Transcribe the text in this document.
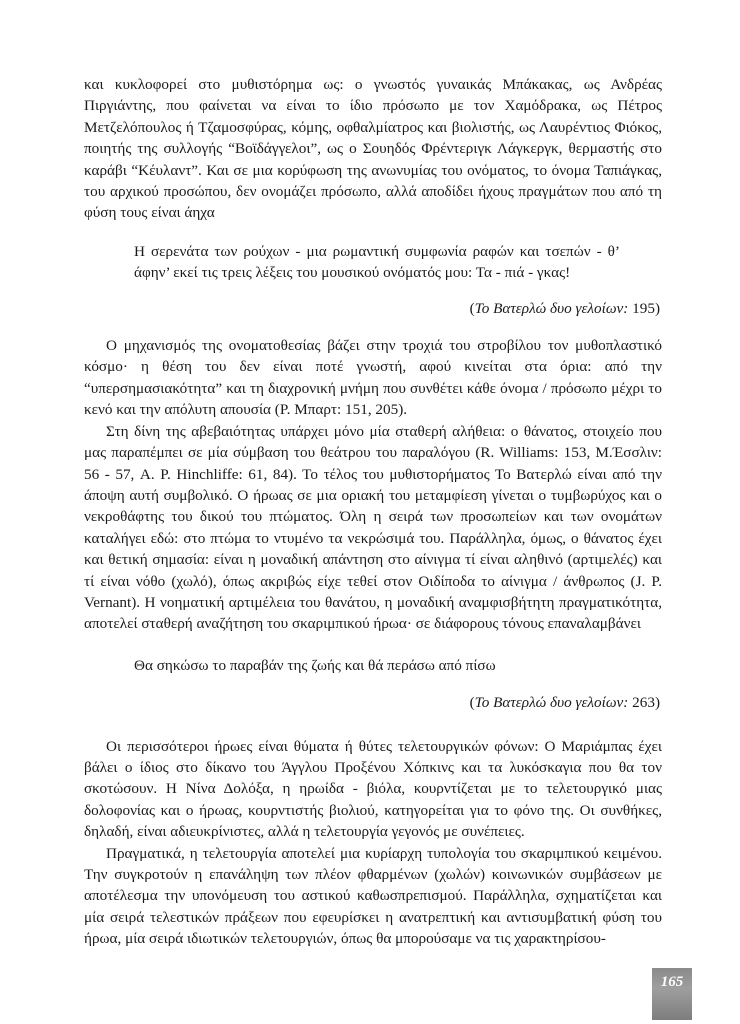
και κυκλοφορεί στο μυθιστόρημα ως: ο γνωστός γυναικάς Μπάκακας, ως Ανδρέας Πιργιάντης, που φαίνεται να είναι το ίδιο πρόσωπο με τον Χαμόδρακα, ως Πέτρος Μετζελόπουλος ή Τζαμοσφύρας, κόμης, οφθαλμίατρος και βιολιστής, ως Λαυρέντιος Φιόκος, ποιητής της συλλογής “Βοϊδάγγελοι”, ως ο Σουηδός Φρέντεριγκ Λάγκεργκ, θερμαστής στο καράβι “Κέυλαντ”. Και σε μια κορύφωση της ανωνυμίας του ονόματος, το όνομα Ταπιάγκας, του αρχικού προσώπου, δεν ονομάζει πρόσωπο, αλλά αποδίδει ήχους πραγμάτων που από τη φύση τους είναι άηχα

Η σερενάτα των ρούχων - μια ρωμαντική συμφωνία ραφών και τσεπών - θ’ άφην’ εκεί τις τρεις λέξεις του μουσικού ονόματός μου: Τα - πιά - γκας!

(Το Βατερλώ δυο γελοίων: 195)

Ο μηχανισμός της ονοματοθεσίας βάζει στην τροχιά του στροβίλου τον μυθοπλαστικό κόσμο· η θέση του δεν είναι ποτέ γνωστή, αφού κινείται στα όρια: από την “υπερσημασιακότητα” και τη διαχρονική μνήμη που συνθέτει κάθε όνομα / πρόσωπο μέχρι το κενό και την απόλυτη απουσία (Ρ. Μπαρτ: 151, 205).

Στη δίνη της αβεβαιότητας υπάρχει μόνο μία σταθερή αλήθεια: ο θάνατος, στοιχείο που μας παραπέμπει σε μία σύμβαση του θεάτρου του παραλόγου (R. Williams: 153, Μ.Έσσλιν: 56 - 57, A. P. Hinchliffe: 61, 84). Το τέλος του μυθιστορήματος Το Βατερλώ είναι από την άποψη αυτή συμβολικό. Ο ήρωας σε μια οριακή του μεταμφίεση γίνεται ο τυμβωρύχος και ο νεκροθάφτης του δικού του πτώματος. Όλη η σειρά των προσωπείων και των ονομάτων καταλήγει εδώ: στο πτώμα το ντυμένο τα νεκρώσιμά του. Παράλληλα, όμως, ο θάνατος έχει και θετική σημασία: είναι η μοναδική απάντηση στο αίνιγμα τί είναι αληθινό (αρτιμελές) και τί είναι νόθο (χωλό), όπως ακριβώς είχε τεθεί στον Οιδίποδα το αίνιγμα / άνθρωπος (J. P. Vernant). Η νοηματική αρτιμέλεια του θανάτου, η μοναδική αναμφισβήτητη πραγματικότητα, αποτελεί σταθερή αναζήτηση του σκαριμπικού ήρωα· σε διάφορους τόνους επαναλαμβάνει

Θα σηκώσω το παραβάν της ζωής και θά περάσω από πίσω

(Το Βατερλώ δυο γελοίων: 263)

Οι περισσότεροι ήρωες είναι θύματα ή θύτες τελετουργικών φόνων: Ο Μαριάμπας έχει βάλει ο ίδιος στο δίκανο του Άγγλου Προξένου Χόπκινς και τα λυκόσκαγια που θα τον σκοτώσουν. Η Νίνα Δολόξα, η ηρωίδα - βιόλα, κουρντίζεται με το τελετουργικό μιας δολοφονίας και ο ήρωας, κουρντιστής βιολιού, κατηγορείται για το φόνο της. Οι συνθήκες, δηλαδή, είναι αδιευκρίνιστες, αλλά η τελετουργία γεγονός με συνέπειες.

Πραγματικά, η τελετουργία αποτελεί μια κυρίαρχη τυπολογία του σκαριμπικού κειμένου. Την συγκροτούν η επανάληψη των πλέον φθαρμένων (χωλών) κοινωνικών συμβάσεων με αποτέλεσμα την υπονόμευση του αστικού καθωσπρεπισμού. Παράλληλα, σχηματίζεται και μία σειρά τελεστικών πράξεων που εφευρίσκει η ανατρεπτική και αντισυμβατική φύση του ήρωα, μία σειρά ιδιωτικών τελετουργιών, όπως θα μπορούσαμε να τις χαρακτηρίσου-

165
